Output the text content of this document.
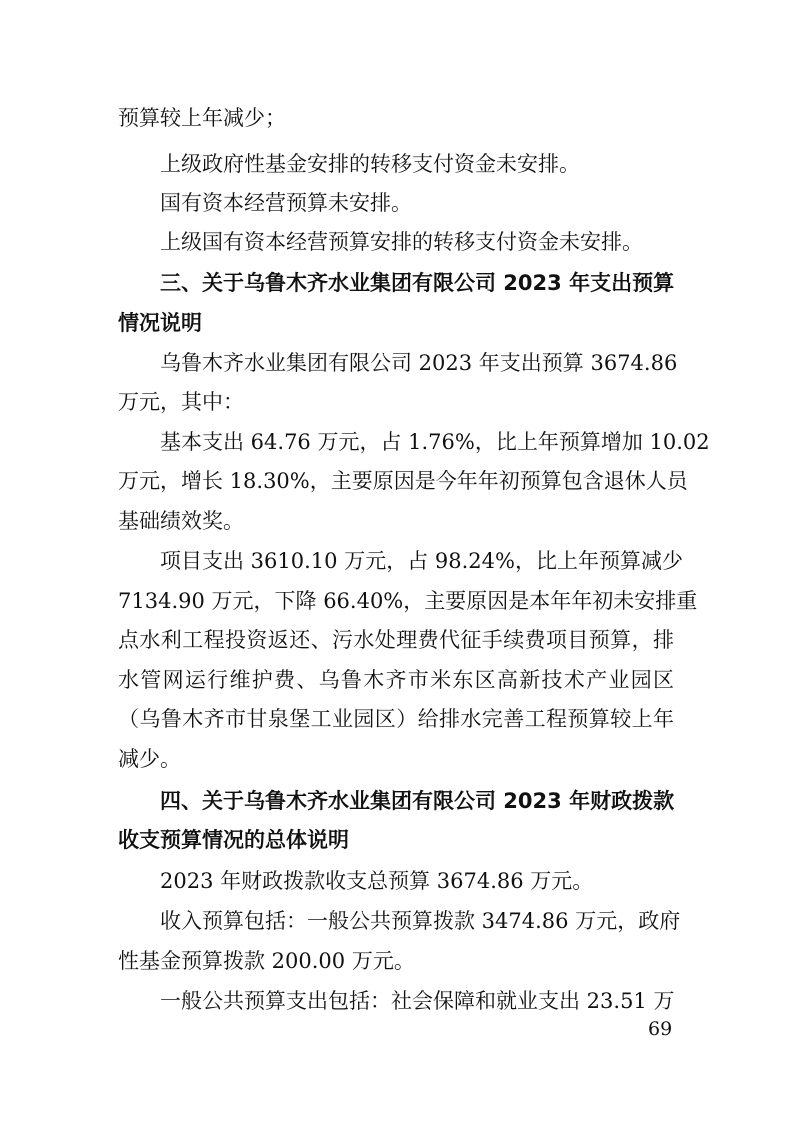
预算较上年减少；
上级政府性基金安排的转移支付资金未安排。
国有资本经营预算未安排。
上级国有资本经营预算安排的转移支付资金未安排。
三、关于乌鲁木齐水业集团有限公司 2023 年支出预算
情况说明
乌鲁木齐水业集团有限公司 2023 年支出预算 3674.86
万元，其中：
基本支出 64.76 万元，占 1.76%，比上年预算增加 10.02
万元，增长 18.30%，主要原因是今年年初预算包含退休人员
基础绩效奖。
项目支出 3610.10 万元，占 98.24%，比上年预算减少
7134.90 万元，下降 66.40%，主要原因是本年年初未安排重
点水利工程投资返还、污水处理费代征手续费项目预算，排
水管网运行维护费、乌鲁木齐市米东区高新技术产业园区
（乌鲁木齐市甘泉堡工业园区）给排水完善工程预算较上年
减少。
四、关于乌鲁木齐水业集团有限公司 2023 年财政拨款
收支预算情况的总体说明
2023 年财政拨款收支总预算 3674.86 万元。
收入预算包括：一般公共预算拨款 3474.86 万元，政府
性基金预算拨款 200.00 万元。
一般公共预算支出包括：社会保障和就业支出 23.51 万
69
